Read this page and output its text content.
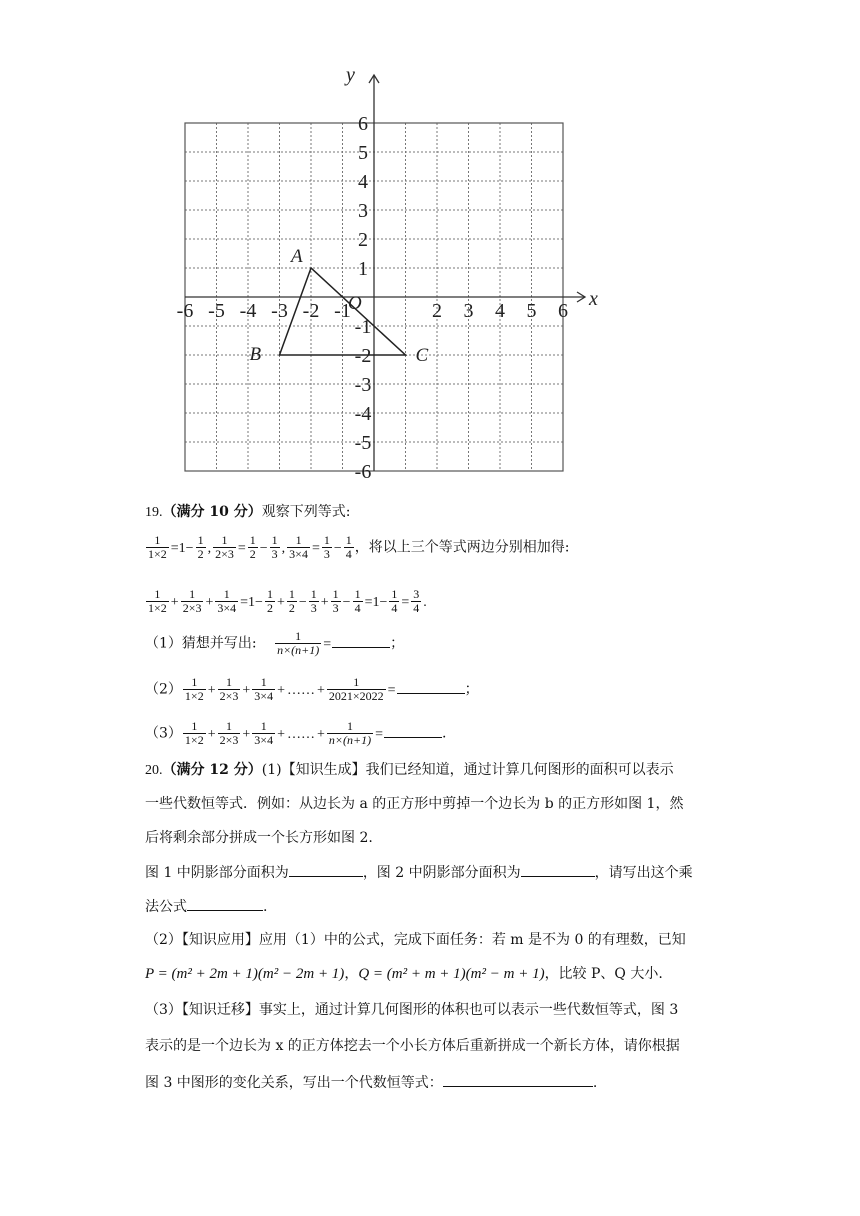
x
y
O
-6 -5 -4 -3 -2 -1	2 3 4 5 6
6
5
4
3
2
1
-1
-2
-3
-4
-5
-6
A
B	C
19.（满分 10 分）观察下列等式:
$\frac{1}{1\times 2} =1- \frac{1}{2}$ , $\frac{1}{2\times 3} = \frac{1}{2} - \frac{1}{3}$ , $\frac{1}{3\times 4} = \frac{1}{3} - \frac{1}{4}$ ，将以上三个等式两边分别相加得:
$\frac{1}{1\times 2} + \frac{1}{2\times 3} + \frac{1}{3\times 4} =1- \frac{1}{2} + \frac{1}{2} - \frac{1}{3} + \frac{1}{3} - \frac{1}{4} =1- \frac{1}{4} = \frac{3}{4}$ .
（1）猜想并写出: $\frac{1}{n\times(n+1)}$ =	；
$(2) \frac{1}{1\times 2} + \frac{1}{2\times 3} + \frac{1}{3\times 4}$ + …… + $\frac{1}{2021\times 2022}$ =	；
$(3) \frac{1}{1\times 2} + \frac{1}{2\times 3} + \frac{1}{3\times 4}$ + …… + $\frac{1}{n\times(n+1)}$ =	.
20.（满分 12 分）(1)【知识生成】我们已经知道，通过计算几何图形的面积可以表示
一些代数恒等式．例如：从边长为 a 的正方形中剪掉一个边长为 b 的正方形如图 1，然
后将剩余部分拼成一个长方形如图 2.
图 1 中阴影部分面积为	，图 2 中阴影部分面积为	，请写出这个乘
法公式	.
（2）【知识应用】应用（1）中的公式，完成下面任务：若 m 是不为 0 的有理数，已知
P = (m² + 2m + 1)(m² − 2m + 1)，Q = (m² + m + 1)(m² − m + 1)，比较 P、Q 大小.
（3）【知识迁移】事实上，通过计算几何图形的体积也可以表示一些代数恒等式，图 3
表示的是一个边长为 x 的正方体挖去一个小长方体后重新拼成一个新长方体，请你根据
图 3 中图形的变化关系，写出一个代数恒等式：	.
